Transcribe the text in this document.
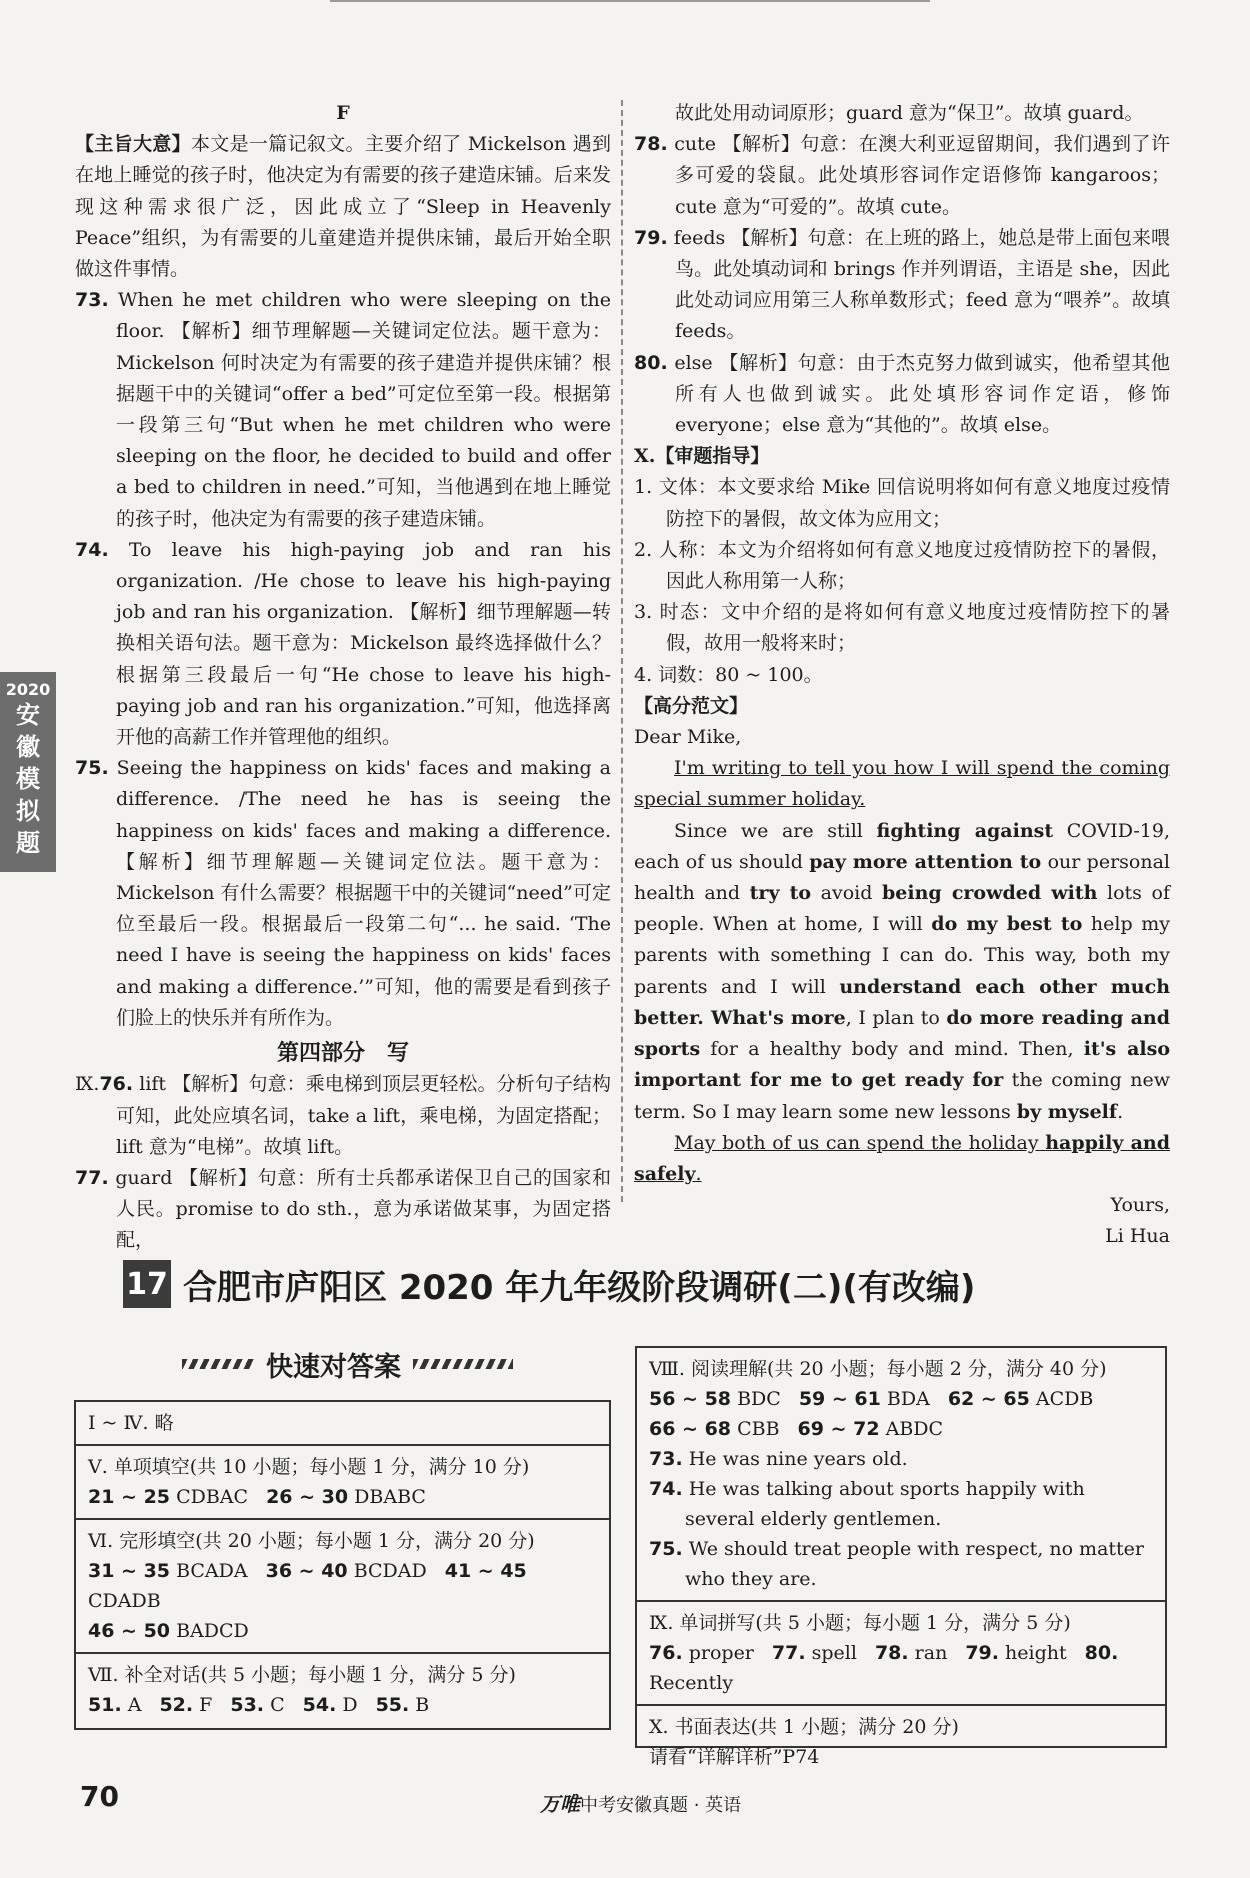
2020
安
徽
模
拟
题

F

【主旨大意】本文是一篇记叙文。主要介绍了 Mickelson 遇到在地上睡觉的孩子时，他决定为有需要的孩子建造床铺。后来发现这种需求很广泛，因此成立了“Sleep in Heavenly Peace”组织，为有需要的儿童建造并提供床铺，最后开始全职做这件事情。

73. When he met children who were sleeping on the floor. 【解析】细节理解题—关键词定位法。题干意为：Mickelson 何时决定为有需要的孩子建造并提供床铺？根据题干中的关键词“offer a bed”可定位至第一段。根据第一段第三句“But when he met children who were sleeping on the floor, he decided to build and offer a bed to children in need.”可知，当他遇到在地上睡觉的孩子时，他决定为有需要的孩子建造床铺。

74. To leave his high-paying job and ran his organization. /He chose to leave his high-paying job and ran his organization. 【解析】细节理解题—转换相关语句法。题干意为：Mickelson 最终选择做什么？根据第三段最后一句“He chose to leave his high-paying job and ran his organization.”可知，他选择离开他的高薪工作并管理他的组织。

75. Seeing the happiness on kids' faces and making a difference. /The need he has is seeing the happiness on kids' faces and making a difference. 【解析】细节理解题—关键词定位法。题干意为：Mickelson 有什么需要？根据题干中的关键词“need”可定位至最后一段。根据最后一段第二句“... he said. ‘The need I have is seeing the happiness on kids' faces and making a difference.’”可知，他的需要是看到孩子们脸上的快乐并有所作为。

第四部分　写

Ⅸ.76. lift 【解析】句意：乘电梯到顶层更轻松。分析句子结构可知，此处应填名词，take a lift，乘电梯，为固定搭配；lift 意为“电梯”。故填 lift。

77. guard 【解析】句意：所有士兵都承诺保卫自己的国家和人民。promise to do sth.，意为承诺做某事，为固定搭配，

故此处用动词原形；guard 意为“保卫”。故填 guard。

78. cute 【解析】句意：在澳大利亚逗留期间，我们遇到了许多可爱的袋鼠。此处填形容词作定语修饰 kangaroos；cute 意为“可爱的”。故填 cute。

79. feeds 【解析】句意：在上班的路上，她总是带上面包来喂鸟。此处填动词和 brings 作并列谓语，主语是 she，因此此处动词应用第三人称单数形式；feed 意为“喂养”。故填 feeds。

80. else 【解析】句意：由于杰克努力做到诚实，他希望其他所有人也做到诚实。此处填形容词作定语，修饰 everyone；else 意为“其他的”。故填 else。

Ⅹ.【审题指导】

1. 文体：本文要求给 Mike 回信说明将如何有意义地度过疫情防控下的暑假，故文体为应用文；

2. 人称：本文为介绍将如何有意义地度过疫情防控下的暑假，因此人称用第一人称；

3. 时态：文中介绍的是将如何有意义地度过疫情防控下的暑假，故用一般将来时；

4. 词数：80 ~ 100。

【高分范文】

Dear Mike,

I'm writing to tell you how I will spend the coming special summer holiday.

Since we are still fighting against COVID-19, each of us should pay more attention to our personal health and try to avoid being crowded with lots of people. When at home, I will do my best to help my parents with something I can do. This way, both my parents and I will understand each other much better. What's more, I plan to do more reading and sports for a healthy body and mind. Then, it's also important for me to get ready for the coming new term. So I may learn some new lessons by myself.

May both of us can spend the holiday happily and safely.

Yours,

Li Hua

17 合肥市庐阳区 2020 年九年级阶段调研(二)(有改编)
快速对答案
Ⅰ ~ Ⅳ. 略
Ⅴ. 单项填空(共 10 小题；每小题 1 分，满分 10 分)
21 ~ 25 CDBAC 26 ~ 30 DBABC
Ⅵ. 完形填空(共 20 小题；每小题 1 分，满分 20 分)
31 ~ 35 BCADA 36 ~ 40 BCDAD 41 ~ 45 CDADB
46 ~ 50 BADCD
Ⅶ. 补全对话(共 5 小题；每小题 1 分，满分 5 分)
51. A 52. F 53. C 54. D 55. B
Ⅷ. 阅读理解(共 20 小题；每小题 2 分，满分 40 分)
56 ~ 58 BDC 59 ~ 61 BDA 62 ~ 65 ACDB
66 ~ 68 CBB 69 ~ 72 ABDC
73. He was nine years old.
74. He was talking about sports happily with several elderly gentlemen.
75. We should treat people with respect, no matter who they are.
Ⅸ. 单词拼写(共 5 小题；每小题 1 分，满分 5 分)
76. proper 77. spell 78. ran 79. height 80. Recently
Ⅹ. 书面表达(共 1 小题；满分 20 分)
请看“详解详析”P74
70	万唯中考安徽真题 · 英语
